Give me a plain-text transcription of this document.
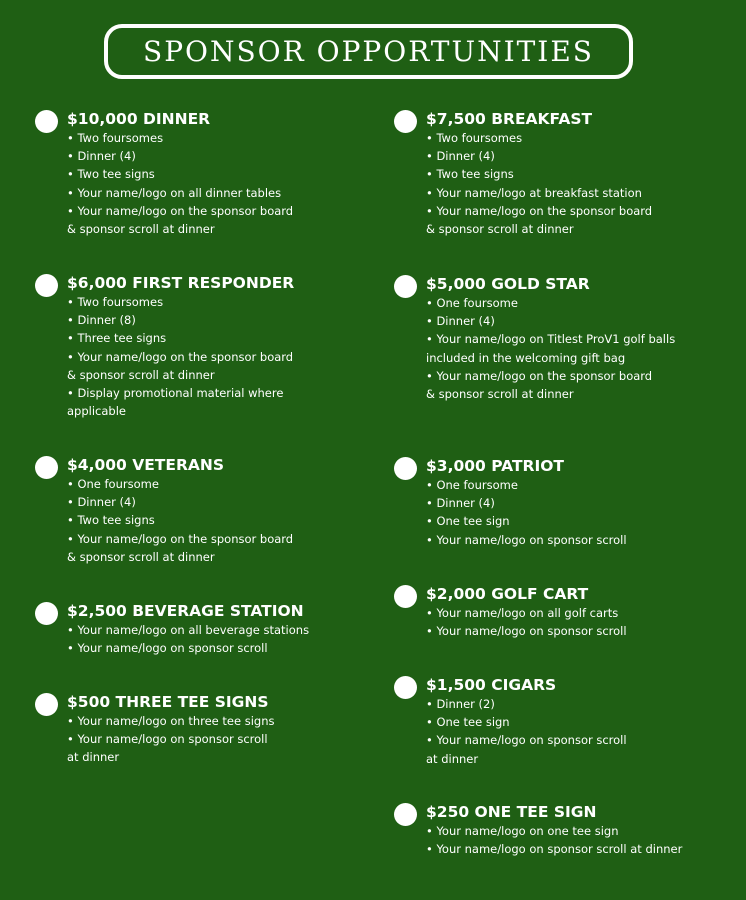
SPONSOR OPPORTUNITIES
$10,000 DINNER
• Two foursomes
• Dinner (4)
• Two tee signs
• Your name/logo on all dinner tables
• Your name/logo on the sponsor board
& sponsor scroll at dinner
$7,500 BREAKFAST
• Two foursomes
• Dinner (4)
• Two tee signs
• Your name/logo at breakfast station
• Your name/logo on the sponsor board
& sponsor scroll at dinner
$6,000 FIRST RESPONDER
• Two foursomes
• Dinner (8)
• Three tee signs
• Your name/logo on the sponsor board
& sponsor scroll at dinner
• Display promotional material where
applicable
$5,000 GOLD STAR
• One foursome
• Dinner (4)
• Your name/logo on Titlest ProV1 golf balls
included in the welcoming gift bag
• Your name/logo on the sponsor board
& sponsor scroll at dinner
$4,000 VETERANS
• One foursome
• Dinner (4)
• Two tee signs
• Your name/logo on the sponsor board
& sponsor scroll at dinner
$3,000 PATRIOT
• One foursome
• Dinner (4)
• One tee sign
• Your name/logo on sponsor scroll
$2,500 BEVERAGE STATION
• Your name/logo on all beverage stations
• Your name/logo on sponsor scroll
$2,000 GOLF CART
• Your name/logo on all golf carts
• Your name/logo on sponsor scroll
$500 THREE TEE SIGNS
• Your name/logo on three tee signs
• Your name/logo on sponsor scroll
at dinner
$1,500 CIGARS
• Dinner (2)
• One tee sign
• Your name/logo on sponsor scroll
at dinner
$250 ONE TEE SIGN
• Your name/logo on one tee sign
• Your name/logo on sponsor scroll at dinner
